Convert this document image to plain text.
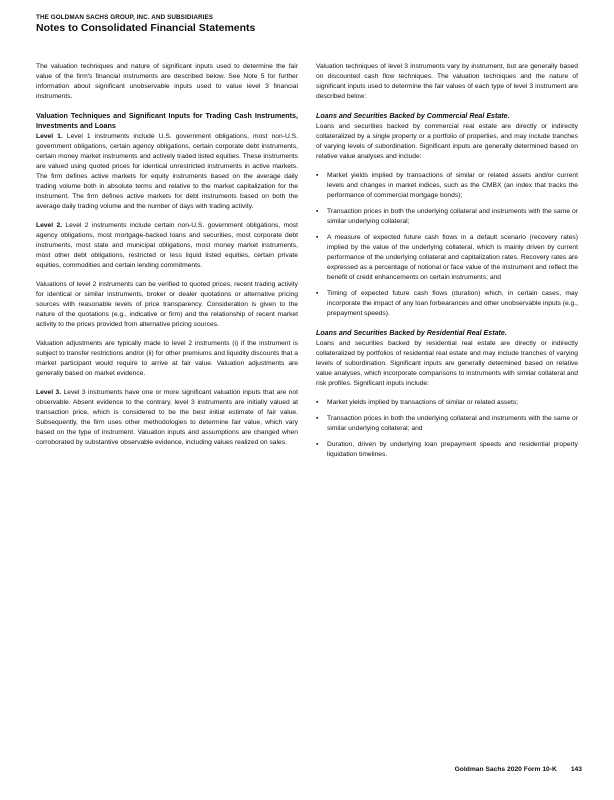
THE GOLDMAN SACHS GROUP, INC. AND SUBSIDIARIES
Notes to Consolidated Financial Statements

The valuation techniques and nature of significant inputs used to determine the fair value of the firm's financial instruments are described below. See Note 5 for further information about significant unobservable inputs used to value level 3 financial instruments.

Valuation Techniques and Significant Inputs for Trading Cash Instruments, Investments and Loans

Level 1. Level 1 instruments include U.S. government obligations, most non-U.S. government obligations, certain agency obligations, certain corporate debt instruments, certain money market instruments and actively traded listed equities. These instruments are valued using quoted prices for identical unrestricted instruments in active markets. The firm defines active markets for equity instruments based on the average daily trading volume both in absolute terms and relative to the market capitalization for the instrument. The firm defines active markets for debt instruments based on both the average daily trading volume and the number of days with trading activity.

Level 2. Level 2 instruments include certain non-U.S. government obligations, most agency obligations, most mortgage-backed loans and securities, most corporate debt instruments, most state and municipal obligations, most money market instruments, most other debt obligations, restricted or less liquid listed equities, certain private equities, commodities and certain lending commitments.

Valuations of level 2 instruments can be verified to quoted prices, recent trading activity for identical or similar instruments, broker or dealer quotations or alternative pricing sources with reasonable levels of price transparency. Consideration is given to the nature of the quotations (e.g., indicative or firm) and the relationship of recent market activity to the prices provided from alternative pricing sources.

Valuation adjustments are typically made to level 2 instruments (i) if the instrument is subject to transfer restrictions and/or (ii) for other premiums and liquidity discounts that a market participant would require to arrive at fair value. Valuation adjustments are generally based on market evidence.

Level 3. Level 3 instruments have one or more significant valuation inputs that are not observable. Absent evidence to the contrary, level 3 instruments are initially valued at transaction price, which is considered to be the best initial estimate of fair value. Subsequently, the firm uses other methodologies to determine fair value, which vary based on the type of instrument. Valuation inputs and assumptions are changed when corroborated by substantive observable evidence, including values realized on sales.

Valuation techniques of level 3 instruments vary by instrument, but are generally based on discounted cash flow techniques. The valuation techniques and the nature of significant inputs used to determine the fair values of each type of level 3 instrument are described below:

Loans and Securities Backed by Commercial Real Estate.

Loans and securities backed by commercial real estate are directly or indirectly collateralized by a single property or a portfolio of properties, and may include tranches of varying levels of subordination. Significant inputs are generally determined based on relative value analyses and include:

▪ Market yields implied by transactions of similar or related assets and/or current levels and changes in market indices, such as the CMBX (an index that tracks the performance of commercial mortgage bonds);
▪ Transaction prices in both the underlying collateral and instruments with the same or similar underlying collateral;
▪ A measure of expected future cash flows in a default scenario (recovery rates) implied by the value of the underlying collateral, which is mainly driven by current performance of the underlying collateral and capitalization rates. Recovery rates are expressed as a percentage of notional or face value of the instrument and reflect the benefit of credit enhancements on certain instruments; and
▪ Timing of expected future cash flows (duration) which, in certain cases, may incorporate the impact of any loan forbearances and other unobservable inputs (e.g., prepayment speeds).
Loans and Securities Backed by Residential Real Estate.

Loans and securities backed by residential real estate are directly or indirectly collateralized by portfolios of residential real estate and may include tranches of varying levels of subordination. Significant inputs are generally determined based on relative value analyses, which incorporate comparisons to instruments with similar collateral and risk profiles. Significant inputs include:

▪ Market yields implied by transactions of similar or related assets;
▪ Transaction prices in both the underlying collateral and instruments with the same or similar underlying collateral; and
▪ Duration, driven by underlying loan prepayment speeds and residential property liquidation timelines.
Goldman Sachs 2020 Form 10-K 143
